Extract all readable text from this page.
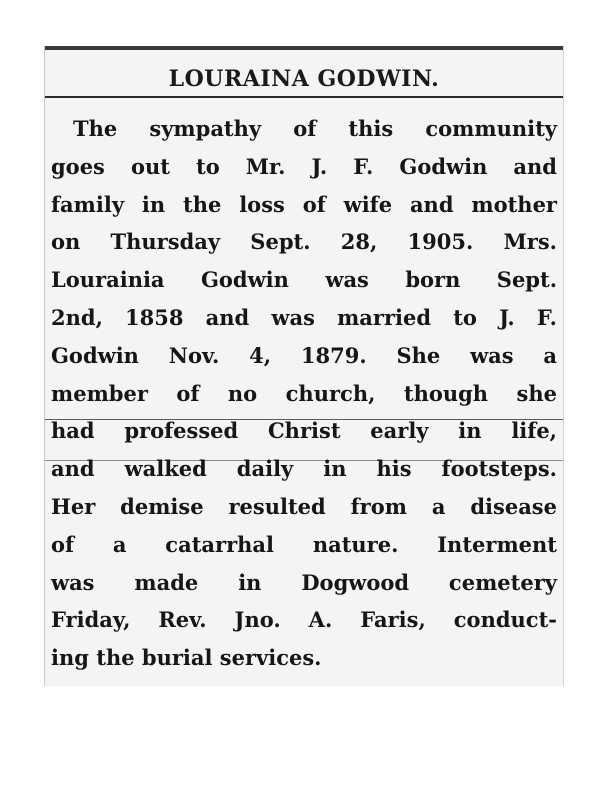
LOURAINA GODWIN.
The sympathy of this community
goes out to Mr. J. F. Godwin and
family in the loss of wife and mother
on Thursday Sept. 28, 1905. Mrs.
Lourainia Godwin was born Sept.
2nd, 1858 and was married to J. F.
Godwin Nov. 4, 1879. She was a
member of no church, though she
had professed Christ early in life,
and walked daily in his footsteps.
Her demise resulted from a disease
of a catarrhal nature. Interment
was made in Dogwood cemetery
Friday, Rev. Jno. A. Faris, conduct-
ing the burial services.
